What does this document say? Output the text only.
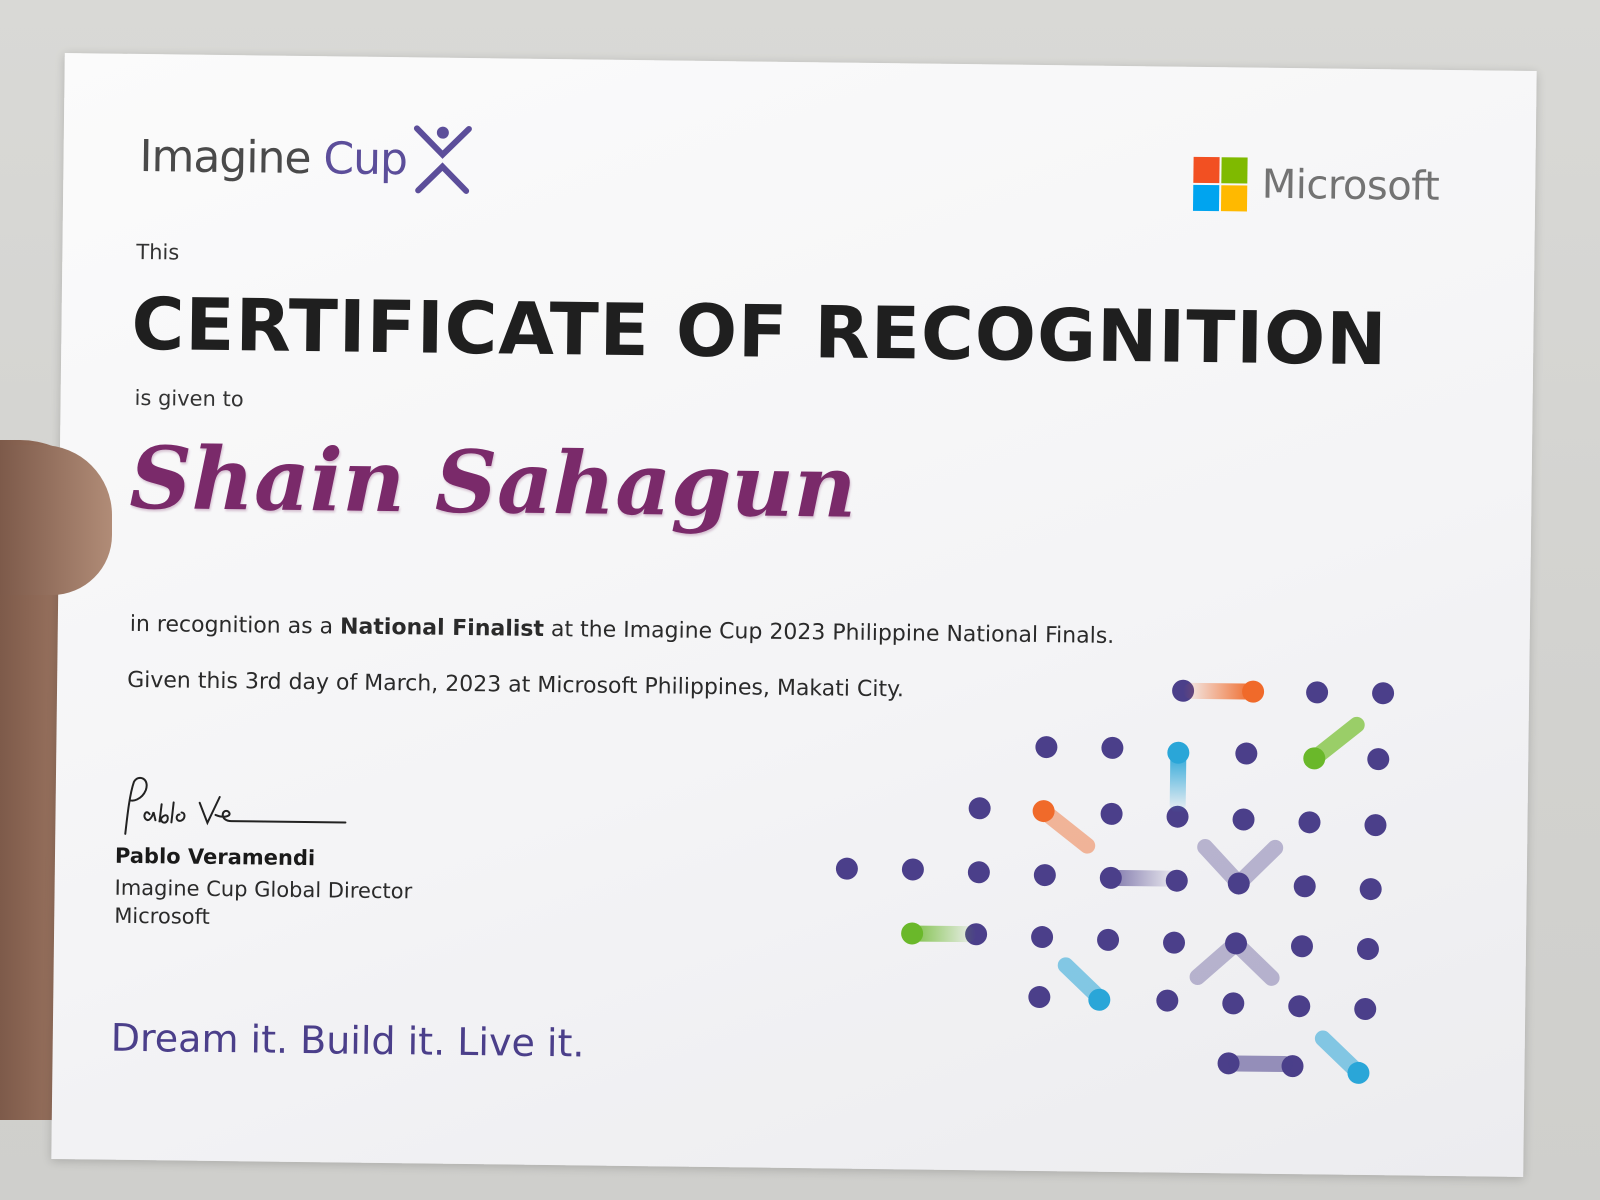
Imagine Cup
Microsoft
This
CERTIFICATE OF RECOGNITION
is given to
Shain Sahagun
in recognition as a National Finalist at the Imagine Cup 2023 Philippine National Finals.
Given this 3rd day of March, 2023 at Microsoft Philippines, Makati City.
Pablo Veramendi
Imagine Cup Global Director
Microsoft
Dream it. Build it. Live it.
